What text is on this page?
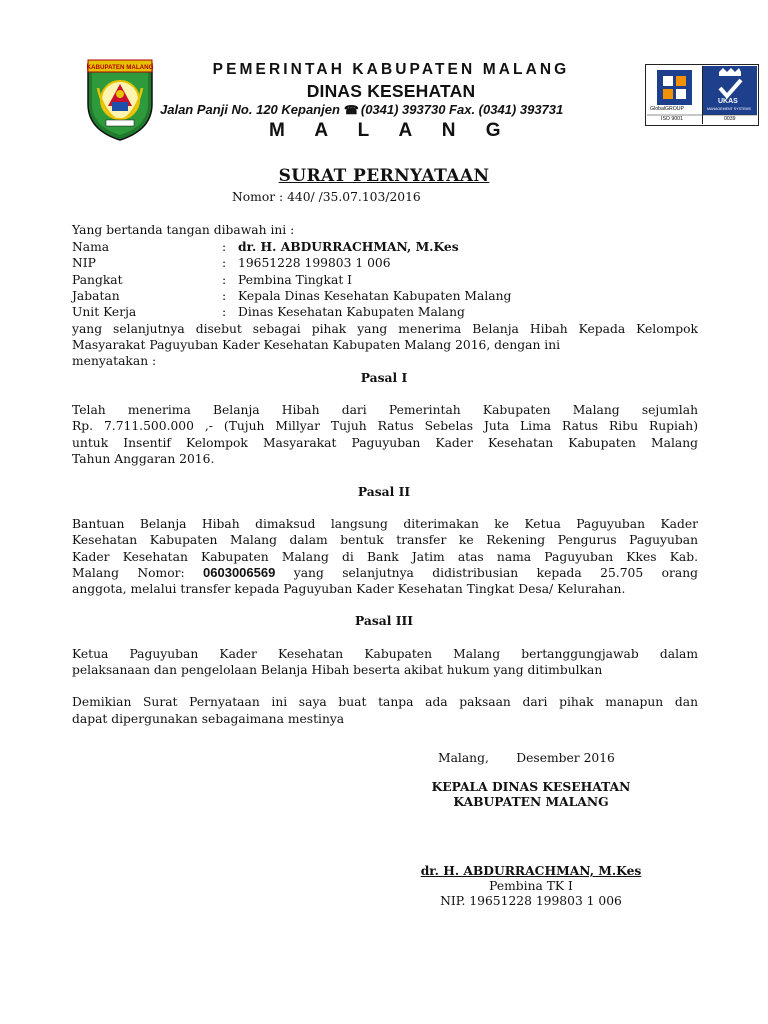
KABUPATEN MALANG	PEMERINTAH KABUPATEN MALANG
DINAS KESEHATAN
Jalan Panji No. 120 Kepanjen ☎ (0341) 393730 Fax. (0341) 393731
M A L A N G
GlobalGROUP
ISO 9001
UKAS
MANAGEMENT SYSTEMS
0039
SURAT PERNYATAAN
Nomor : 440/ /35.07.103/2016
Yang bertanda tangan dibawah ini :
Nama	: dr. H. ABDURRACHMAN, M.Kes
NIP	: 19651228 199803 1 006
Pangkat	: Pembina Tingkat I
Jabatan	: Kepala Dinas Kesehatan Kabupaten Malang
Unit Kerja	: Dinas Kesehatan Kabupaten Malang
yang selanjutnya disebut sebagai pihak yang menerima Belanja Hibah Kepada Kelompok
Masyarakat Paguyuban Kader Kesehatan Kabupaten Malang 2016, dengan ini
menyatakan :
Pasal I
Telah menerima Belanja Hibah dari Pemerintah Kabupaten Malang sejumlah
Rp. 7.711.500.000 ,- (Tujuh Millyar Tujuh Ratus Sebelas Juta Lima Ratus Ribu Rupiah)
untuk Insentif Kelompok Masyarakat Paguyuban Kader Kesehatan Kabupaten Malang
Tahun Anggaran 2016.
Pasal II
Bantuan Belanja Hibah dimaksud langsung diterimakan ke Ketua Paguyuban Kader
Kesehatan Kabupaten Malang dalam bentuk transfer ke Rekening Pengurus Paguyuban
Kader Kesehatan Kabupaten Malang di Bank Jatim atas nama Paguyuban Kkes Kab.
Malang Nomor: 0603006569 yang selanjutnya didistribusian kepada 25.705 orang
anggota, melalui transfer kepada Paguyuban Kader Kesehatan Tingkat Desa/ Kelurahan.
Pasal III
Ketua Paguyuban Kader Kesehatan Kabupaten Malang bertanggungjawab dalam
pelaksanaan dan pengelolaan Belanja Hibah beserta akibat hukum yang ditimbulkan
Demikian Surat Pernyataan ini saya buat tanpa ada paksaan dari pihak manapun dan
dapat dipergunakan sebagaimana mestinya
Malang,       Desember 2016
KEPALA DINAS KESEHATAN
KABUPATEN MALANG
dr. H. ABDURRACHMAN, M.Kes
Pembina TK I
NIP. 19651228 199803 1 006
